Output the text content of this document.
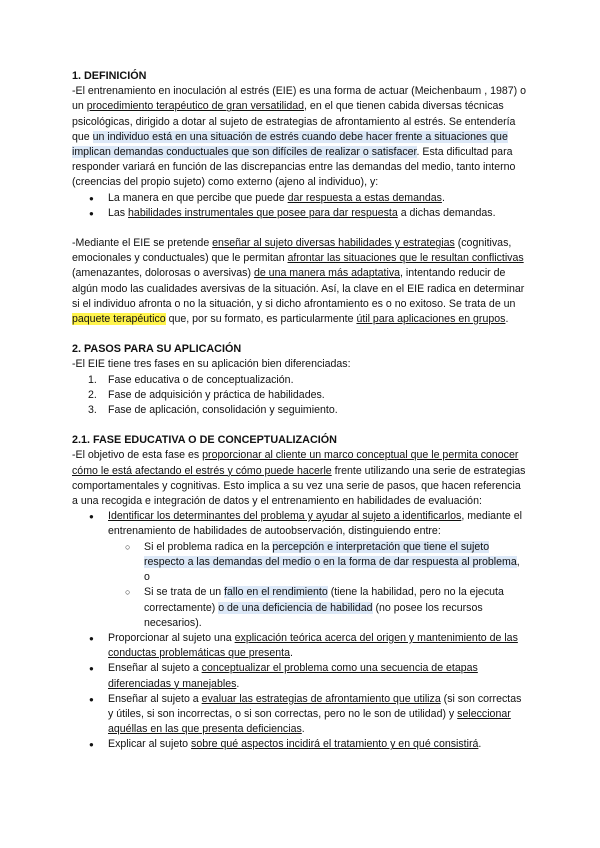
1. DEFINICIÓN

-El entrenamiento en inoculación al estrés (EIE) es una forma de actuar (Meichenbaum , 1987) o un procedimiento terapéutico de gran versatilidad, en el que tienen cabida diversas técnicas psicológicas, dirigido a dotar al sujeto de estrategias de afrontamiento al estrés. Se entendería que un individuo está en una situación de estrés cuando debe hacer frente a situaciones que implican demandas conductuales que son difíciles de realizar o satisfacer. Esta dificultad para responder variará en función de las discrepancias entre las demandas del medio, tanto interno (creencias del propio sujeto) como externo (ajeno al individuo), y:

● La manera en que percibe que puede dar respuesta a estas demandas.
● Las habilidades instrumentales que posee para dar respuesta a dichas demandas.

-Mediante el EIE se pretende enseñar al sujeto diversas habilidades y estrategias (cognitivas, emocionales y conductuales) que le permitan afrontar las situaciones que le resultan conflictivas (amenazantes, dolorosas o aversivas) de una manera más adaptativa, intentando reducir de algún modo las cualidades aversivas de la situación. Así, la clave en el EIE radica en determinar si el individuo afronta o no la situación, y si dicho afrontamiento es o no exitoso. Se trata de un paquete terapéutico que, por su formato, es particularmente útil para aplicaciones en grupos.

2. PASOS PARA SU APLICACIÓN

-El EIE tiene tres fases en su aplicación bien diferenciadas:

1. Fase educativa o de conceptualización.
2. Fase de adquisición y práctica de habilidades.
3. Fase de aplicación, consolidación y seguimiento.
2.1. FASE EDUCATIVA O DE CONCEPTUALIZACIÓN

-El objetivo de esta fase es proporcionar al cliente un marco conceptual que le permita conocer cómo le está afectando el estrés y cómo puede hacerle frente utilizando una serie de estrategias comportamentales y cognitivas. Esto implica a su vez una serie de pasos, que hacen referencia a una recogida e integración de datos y el entrenamiento en habilidades de evaluación:

● Identificar los determinantes del problema y ayudar al sujeto a identificarlos, mediante el entrenamiento de habilidades de autoobservación, distinguiendo entre:
○ Si el problema radica en la percepción e interpretación que tiene el sujeto respecto a las demandas del medio o en la forma de dar respuesta al problema, o
○ Si se trata de un fallo en el rendimiento (tiene la habilidad, pero no la ejecuta correctamente) o de una deficiencia de habilidad (no posee los recursos necesarios).
● Proporcionar al sujeto una explicación teórica acerca del origen y mantenimiento de las conductas problemáticas que presenta.
● Enseñar al sujeto a conceptualizar el problema como una secuencia de etapas diferenciadas y manejables.
● Enseñar al sujeto a evaluar las estrategias de afrontamiento que utiliza (si son correctas y útiles, si son incorrectas, o si son correctas, pero no le son de utilidad) y seleccionar aquéllas en las que presenta deficiencias.
● Explicar al sujeto sobre qué aspectos incidirá el tratamiento y en qué consistirá.
